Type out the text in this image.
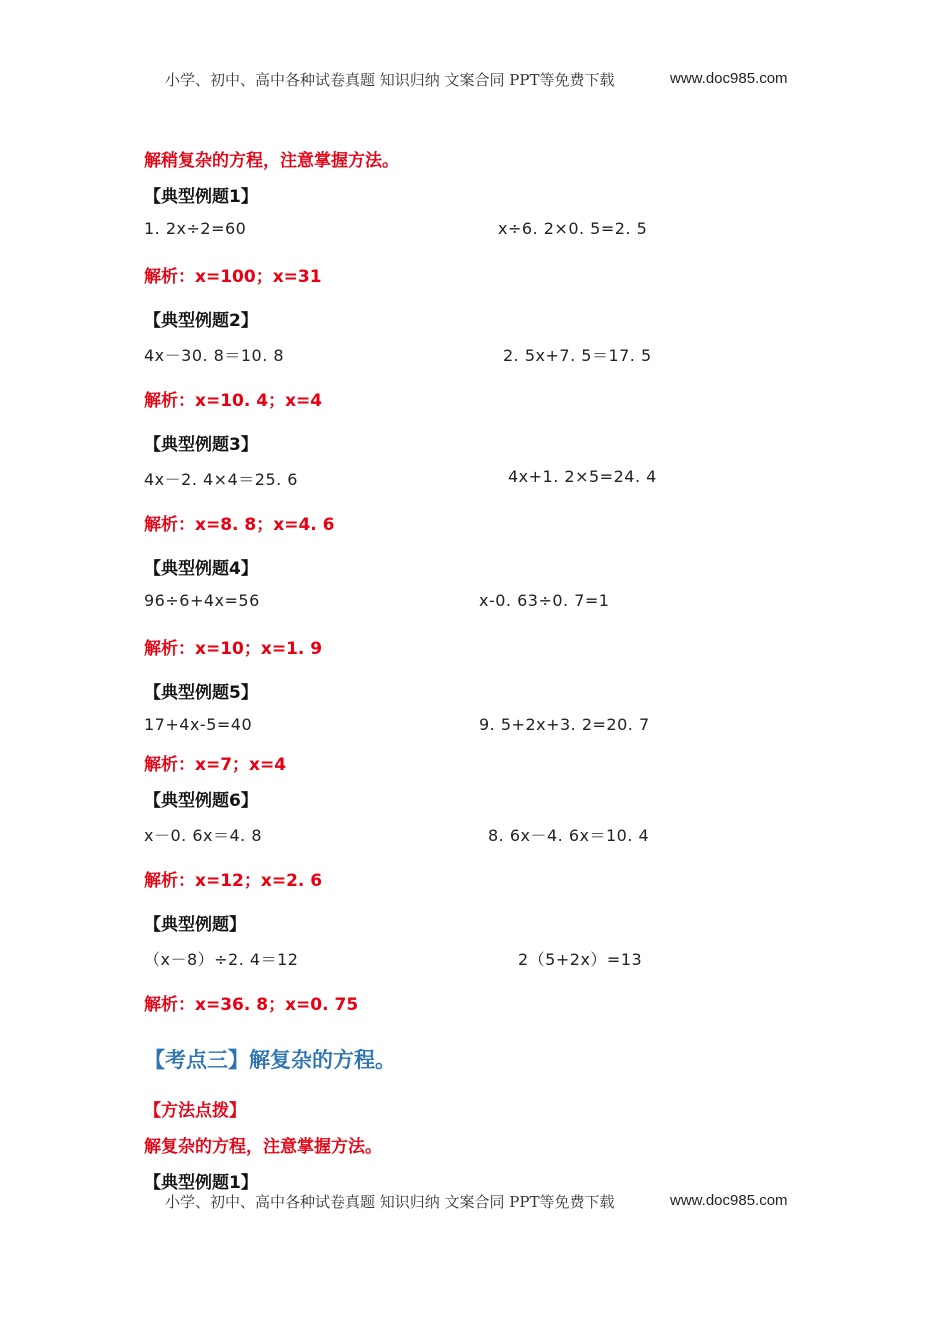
小学、初中、高中各种试卷真题 知识归纳 文案合同 PPT等免费下载	www.doc985.com
解稍复杂的方程，注意掌握方法。
【典型例题1】
1. 2x÷2=60	x÷6. 2×0. 5=2. 5
解析：x=100；x=31
【典型例题2】
4x－30. 8＝10. 8	2. 5x+7. 5＝17. 5
解析：x=10. 4；x=4
【典型例题3】
4x－2. 4×4＝25. 6	4x+1. 2×5=24. 4
解析：x=8. 8；x=4. 6
【典型例题4】
96÷6+4x=56	x-0. 63÷0. 7=1
解析：x=10；x=1. 9
【典型例题5】
17+4x-5=40	9. 5+2x+3. 2=20. 7
解析：x=7；x=4
【典型例题6】
x－0. 6x＝4. 8	8. 6x－4. 6x＝10. 4
解析：x=12；x=2. 6
【典型例题】
（x－8）÷2. 4＝12	2（5+2x）=13
解析：x=36. 8；x=0. 75
【考点三】解复杂的方程。
【方法点拨】
解复杂的方程，注意掌握方法。
【典型例题1】
小学、初中、高中各种试卷真题 知识归纳 文案合同 PPT等免费下载	www.doc985.com
